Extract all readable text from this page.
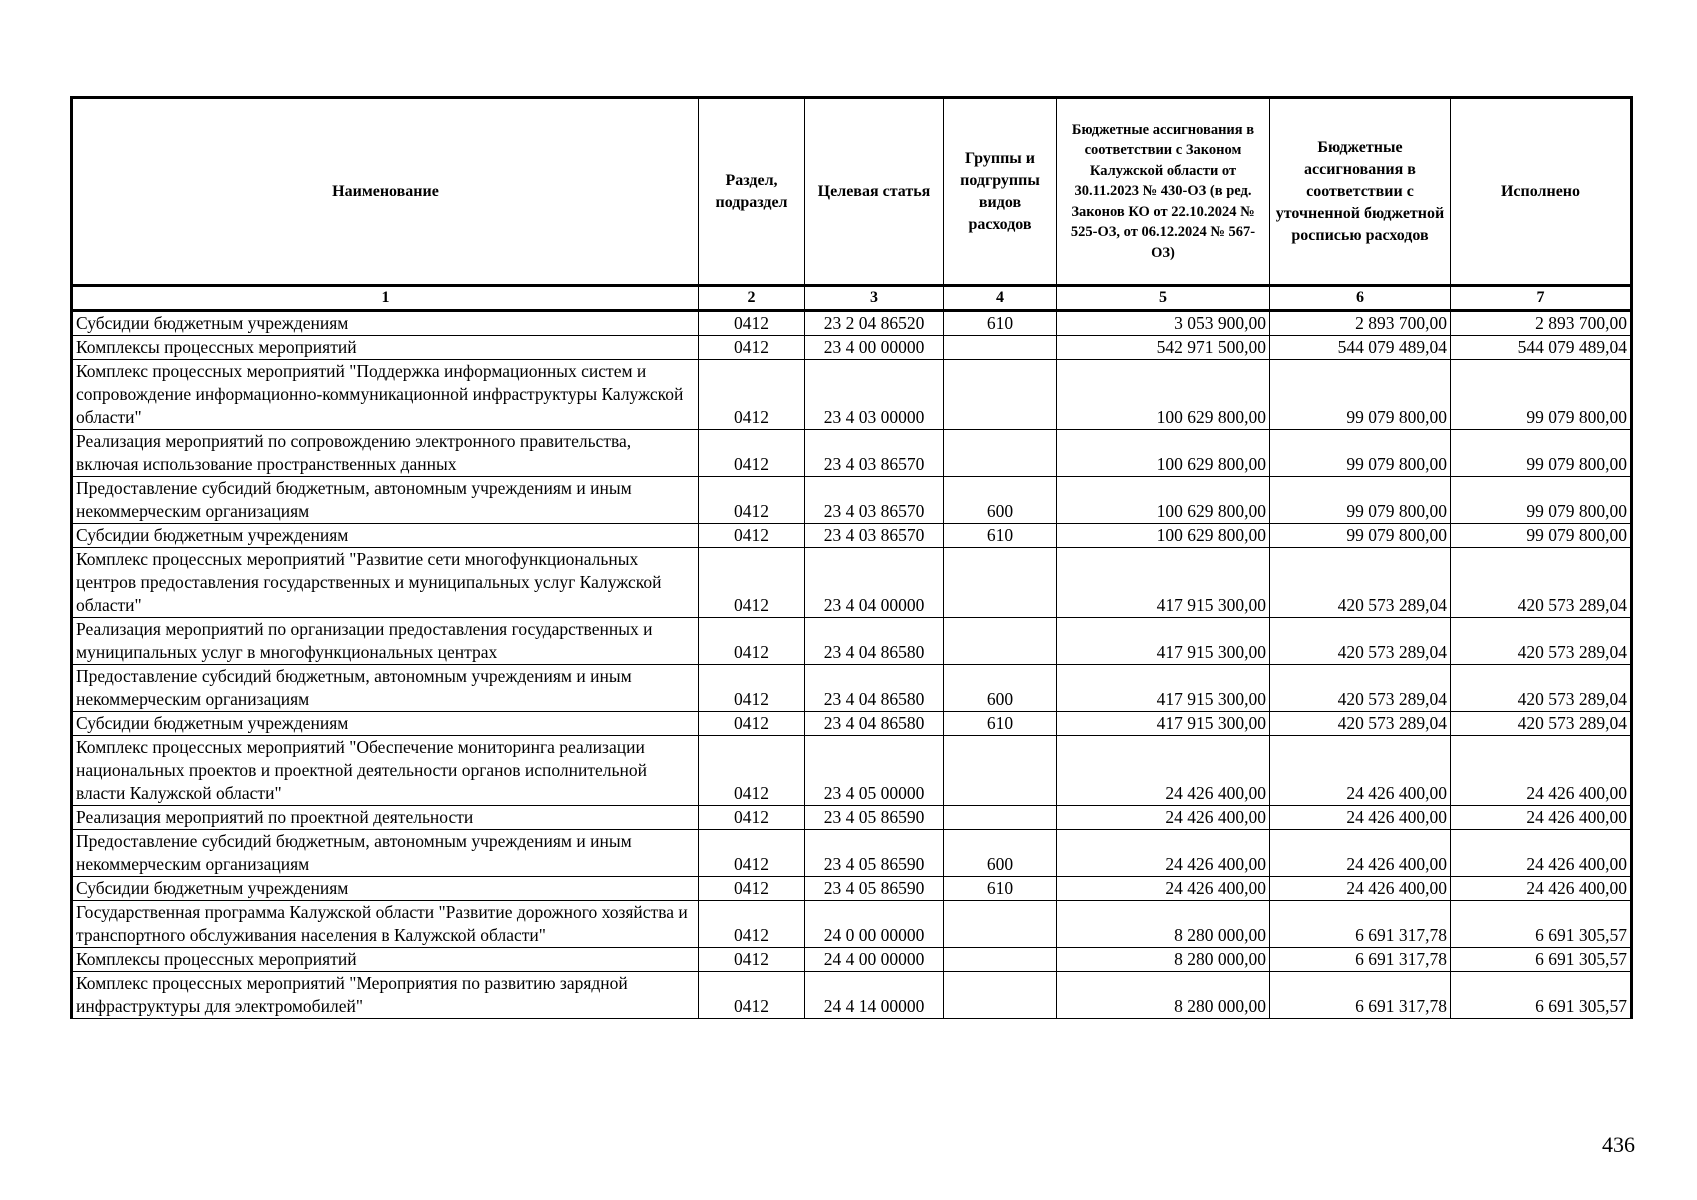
Наименование	Раздел, подраздел	Целевая статья	Группы и подгруппы видов расходов	Бюджетные ассигнования в соответствии с Законом Калужской области от 30.11.2023 № 430-ОЗ (в ред. Законов КО от 22.10.2024 № 525-ОЗ, от 06.12.2024 № 567-ОЗ)	Бюджетные ассигнования в соответствии с уточненной бюджетной росписью расходов	Исполнено
1	2	3	4	5	6	7
Субсидии бюджетным учреждениям	0412	23 2 04 86520	610	3 053 900,00	2 893 700,00	2 893 700,00
Комплексы процессных мероприятий	0412	23 4 00 00000		542 971 500,00	544 079 489,04	544 079 489,04
Комплекс процессных мероприятий "Поддержка информационных систем и сопровождение информационно-коммуникационной инфраструктуры Калужской области"	0412	23 4 03 00000		100 629 800,00	99 079 800,00	99 079 800,00
Реализация мероприятий по сопровождению электронного правительства, включая использование пространственных данных	0412	23 4 03 86570		100 629 800,00	99 079 800,00	99 079 800,00
Предоставление субсидий бюджетным, автономным учреждениям и иным некоммерческим организациям	0412	23 4 03 86570	600	100 629 800,00	99 079 800,00	99 079 800,00
Субсидии бюджетным учреждениям	0412	23 4 03 86570	610	100 629 800,00	99 079 800,00	99 079 800,00
Комплекс процессных мероприятий "Развитие сети многофункциональных центров предоставления государственных и муниципальных услуг Калужской области"	0412	23 4 04 00000		417 915 300,00	420 573 289,04	420 573 289,04
Реализация мероприятий по организации предоставления государственных и муниципальных услуг в многофункциональных центрах	0412	23 4 04 86580		417 915 300,00	420 573 289,04	420 573 289,04
Предоставление субсидий бюджетным, автономным учреждениям и иным некоммерческим организациям	0412	23 4 04 86580	600	417 915 300,00	420 573 289,04	420 573 289,04
Субсидии бюджетным учреждениям	0412	23 4 04 86580	610	417 915 300,00	420 573 289,04	420 573 289,04
Комплекс процессных мероприятий "Обеспечение мониторинга реализации национальных проектов и проектной деятельности органов исполнительной власти Калужской области"	0412	23 4 05 00000		24 426 400,00	24 426 400,00	24 426 400,00
Реализация мероприятий по проектной деятельности	0412	23 4 05 86590		24 426 400,00	24 426 400,00	24 426 400,00
Предоставление субсидий бюджетным, автономным учреждениям и иным некоммерческим организациям	0412	23 4 05 86590	600	24 426 400,00	24 426 400,00	24 426 400,00
Субсидии бюджетным учреждениям	0412	23 4 05 86590	610	24 426 400,00	24 426 400,00	24 426 400,00
Государственная программа Калужской области "Развитие дорожного хозяйства и транспортного обслуживания населения в Калужской области"	0412	24 0 00 00000		8 280 000,00	6 691 317,78	6 691 305,57
Комплексы процессных мероприятий	0412	24 4 00 00000		8 280 000,00	6 691 317,78	6 691 305,57
Комплекс процессных мероприятий "Мероприятия по развитию зарядной инфраструктуры для электромобилей"	0412	24 4 14 00000		8 280 000,00	6 691 317,78	6 691 305,57
436
